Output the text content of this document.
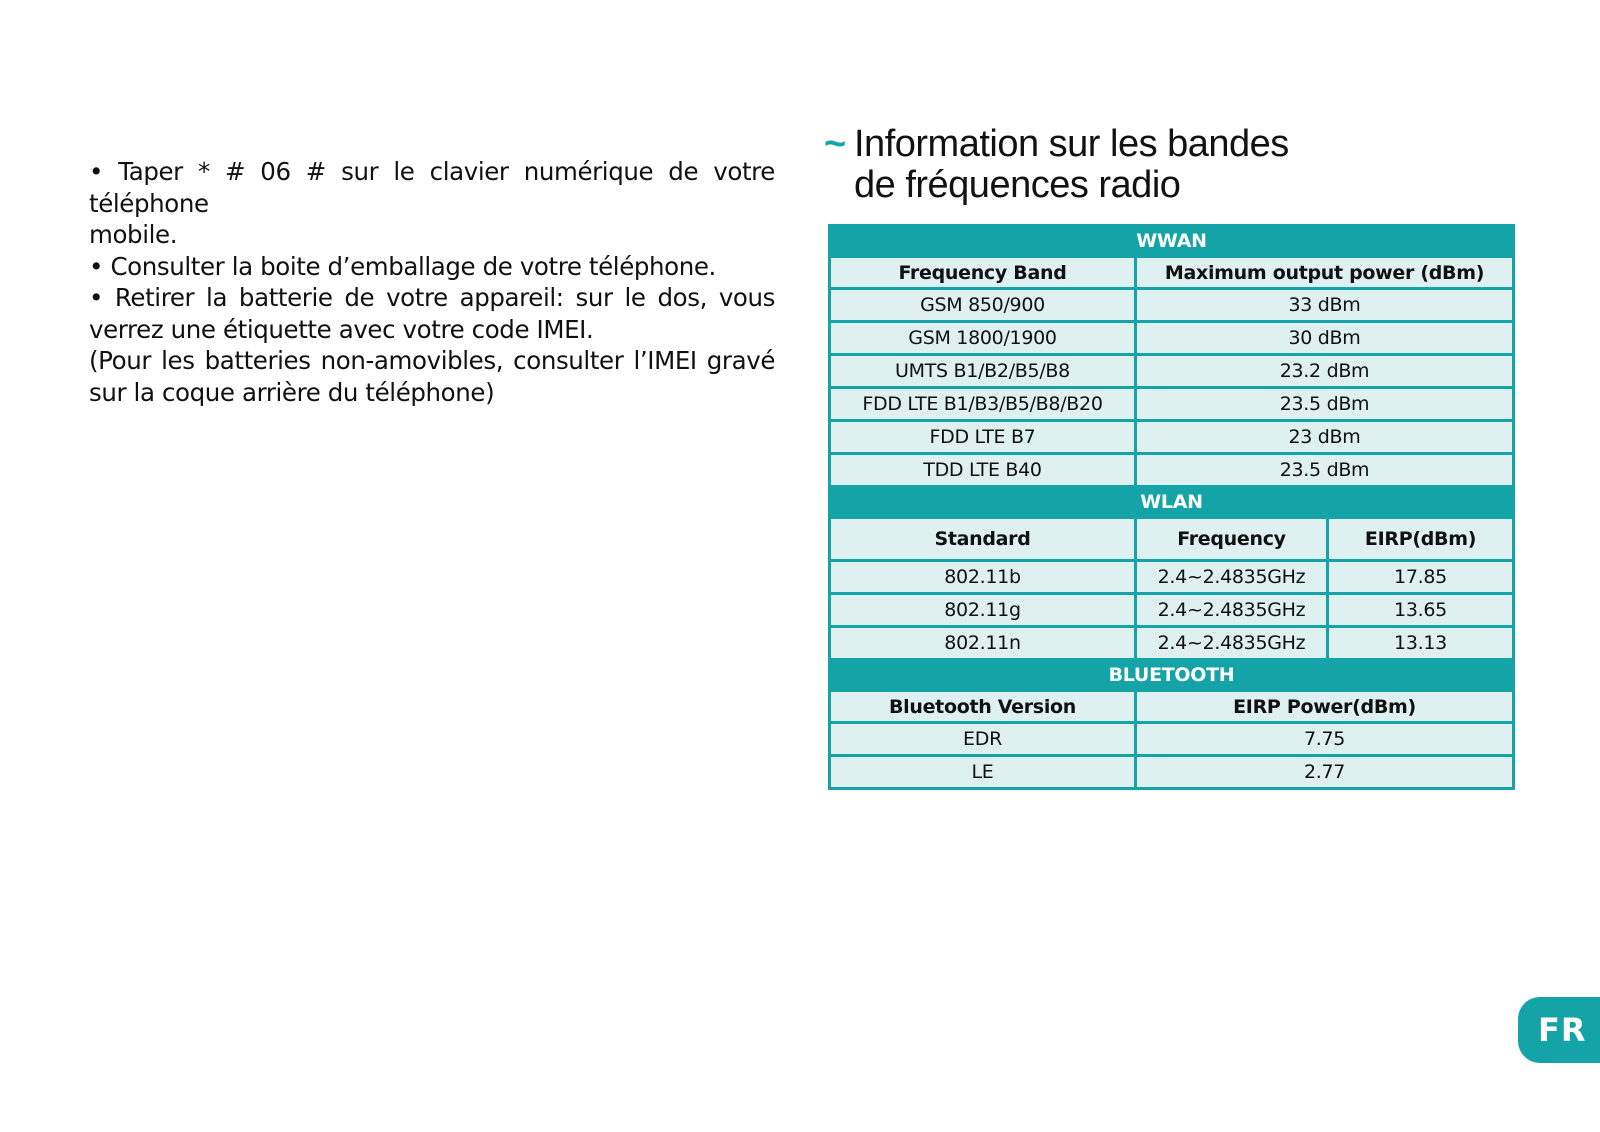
• Taper * # 06 # sur le clavier numérique de votre téléphone

mobile.

• Consulter la boite d’emballage de votre téléphone.

• Retirer la batterie de votre appareil: sur le dos, vous

verrez une étiquette avec votre code IMEI.

(Pour les batteries non-amovibles, consulter l’IMEI gravé

sur la coque arrière du téléphone)

~ Information sur les bandes
de fréquences radio
WWAN		
Frequency Band	Maximum output power (dBm)	
GSM 850/900	33 dBm	
GSM 1800/1900	30 dBm	
UMTS B1/B2/B5/B8	23.2 dBm	
FDD LTE B1/B3/B5/B8/B20	23.5 dBm	
FDD LTE B7	23 dBm	
TDD LTE B40	23.5 dBm	
WLAN		
Standard	Frequency	EIRP(dBm)
802.11b	2.4~2.4835GHz	17.85
802.11g	2.4~2.4835GHz	13.65
802.11n	2.4~2.4835GHz	13.13
BLUETOOTH		
Bluetooth Version	EIRP Power(dBm)	
EDR	7.75	
LE	2.77	
FR
